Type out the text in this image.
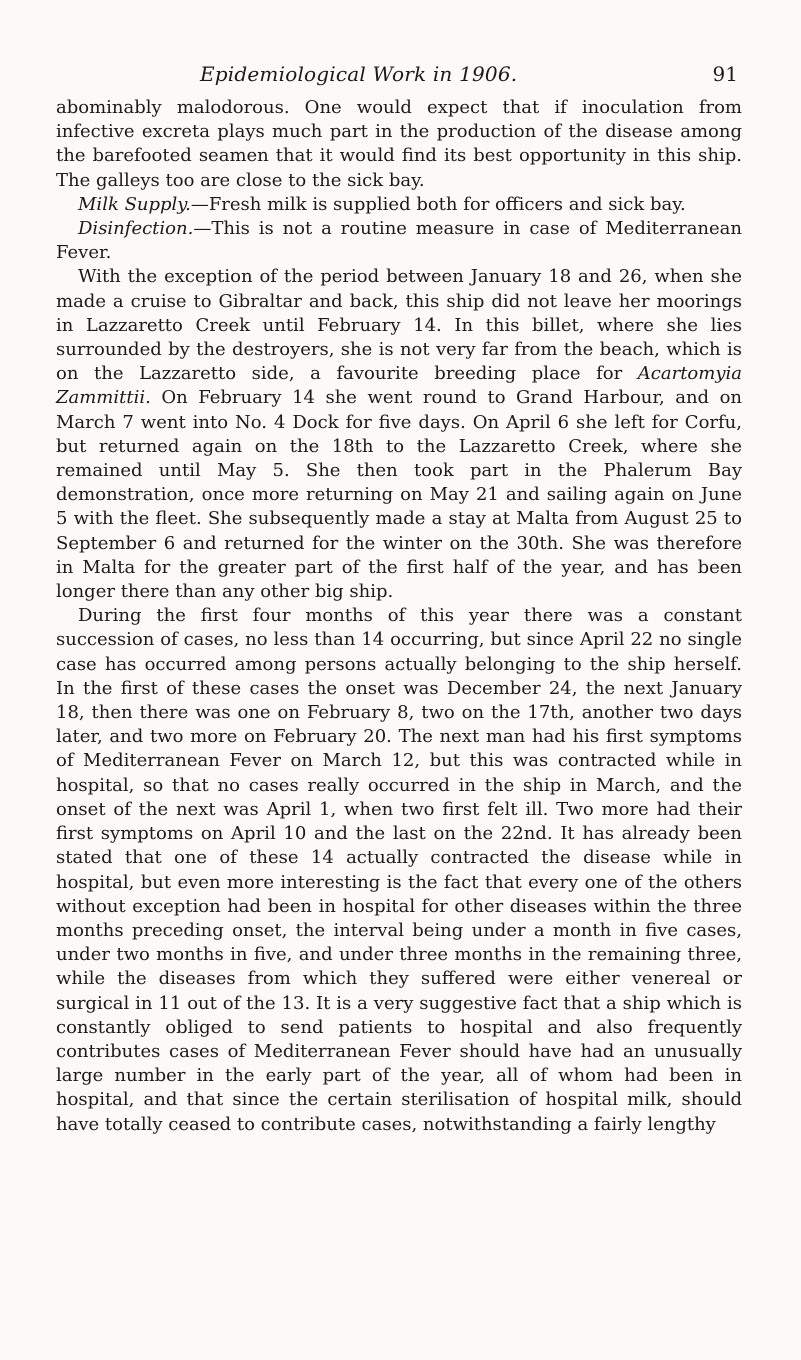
Epidemiological Work in 1906.	91

abominably malodorous. One would expect that if inoculation from infective excreta plays much part in the production of the disease among the barefooted seamen that it would find its best opportunity in this ship. The galleys too are close to the sick bay.

Milk Supply.—Fresh milk is supplied both for officers and sick bay.

Disinfection.—This is not a routine measure in case of Mediterranean Fever.

With the exception of the period between January 18 and 26, when she made a cruise to Gibraltar and back, this ship did not leave her moorings in Lazzaretto Creek until February 14. In this billet, where she lies surrounded by the destroyers, she is not very far from the beach, which is on the Lazzaretto side, a favourite breeding place for Acartomyia Zammittii. On February 14 she went round to Grand Harbour, and on March 7 went into No. 4 Dock for five days. On April 6 she left for Corfu, but returned again on the 18th to the Lazzaretto Creek, where she remained until May 5. She then took part in the Phalerum Bay demonstration, once more returning on May 21 and sailing again on June 5 with the fleet. She subsequently made a stay at Malta from August 25 to September 6 and returned for the winter on the 30th. She was therefore in Malta for the greater part of the first half of the year, and has been longer there than any other big ship.

During the first four months of this year there was a constant succession of cases, no less than 14 occurring, but since April 22 no single case has occurred among persons actually belonging to the ship herself. In the first of these cases the onset was December 24, the next January 18, then there was one on February 8, two on the 17th, another two days later, and two more on February 20. The next man had his first symptoms of Mediterranean Fever on March 12, but this was contracted while in hospital, so that no cases really occurred in the ship in March, and the onset of the next was April 1, when two first felt ill. Two more had their first symptoms on April 10 and the last on the 22nd. It has already been stated that one of these 14 actually contracted the disease while in hospital, but even more interesting is the fact that every one of the others without exception had been in hospital for other diseases within the three months preceding onset, the interval being under a month in five cases, under two months in five, and under three months in the remaining three, while the diseases from which they suffered were either venereal or surgical in 11 out of the 13. It is a very suggestive fact that a ship which is constantly obliged to send patients to hospital and also frequently contributes cases of Mediterranean Fever should have had an unusually large number in the early part of the year, all of whom had been in hospital, and that since the certain sterilisation of hospital milk, should have totally ceased to contribute cases, notwithstanding a fairly lengthy
